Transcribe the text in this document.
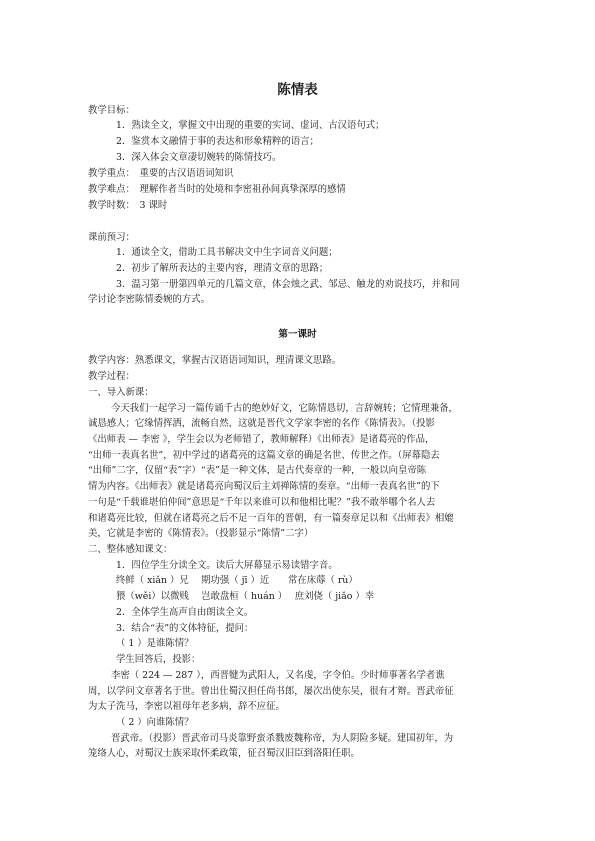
陈情表

教学目标：

1．熟读全文，掌握文中出现的重要的实词、虚词、古汉语句式；

2．鉴赏本文融情于事的表达和形象精粹的语言；

3．深入体会文章凄切婉转的陈情技巧。

教学重点：　重要的古汉语语词知识

教学难点：　理解作者当时的处境和李密祖孙间真挚深厚的感情

教学时数：　3 课时

课前预习：

1．通读全文，借助工具书解决文中生字词音义问题；

2．初步了解所表达的主要内容，理清文章的思路；

3．温习第一册第四单元的几篇文章，体会烛之武、邹忌、触龙的劝说技巧，并和同

学讨论李密陈情委婉的方式。

第一课时

教学内容：熟悉课文，掌握古汉语语词知识，理清课文思路。

教学过程：

一、导入新课：

今天我们一起学习一篇传诵千古的绝妙好文，它陈情恳切，言辞婉转；它情理兼备，

诚恳感人；它缘情挥洒，流畅自然，这就是晋代文学家李密的名作《陈情表》。（投影

《出师表 — 李密 》，学生会以为老师错了，教师解释）《出师表》是诸葛亮的作品，

“出师一表真名世”，初中学过的诸葛亮的这篇文章的确是名世、传世之作。（屏幕隐去

“出师”二字，仅留“表”字）“表”是一种文体，是古代奏章的一种，一般以向皇帝陈

情为内容。《出师表》就是诸葛亮向蜀汉后主刘禅陈情的奏章。“出师一表真名世”的下

一句是“千载谁堪伯仲间”意思是“千年以来谁可以和他相比呢？”我不敢举哪个名人去

和诸葛亮比较，但就在诸葛亮之后不足一百年的晋朝，有一篇奏章足以和《出师表》相媲

美，它就是李密的《陈情表》。（投影显示“陈情”二字）

二、整体感知课文：

1．四位学生分读全文。读后大屏幕显示易读错字音。

终鲜（ xiǎn ）兄　 期功强（ jī ）近　　常在床蓐（ rù）

猥（wěi）以微贱　 岂敢盘桓（ huán ）　 庶刘侥（ jiǎo ）幸

2．全体学生高声自由朗读全文。

3．结合“表”的文体特征，提问：

（ 1 ）是谁陈情？

学生回答后，投影：

李密（ 224 — 287 ），西晋犍为武阳人，又名虔，字令伯。少时师事著名学者谯

周，以学问文章著名于世。曾出仕蜀汉担任尚书郎，屡次出使东吴，很有才辩。晋武帝征

为太子洗马，李密以祖母年老多病，辞不应征。

（ 2 ）向谁陈情？

晋武帝。（投影）晋武帝司马炎靠野蛮杀戮废魏称帝，为人阴险多疑。建国初年，为

笼络人心，对蜀汉士族采取怀柔政策，征召蜀汉旧臣到洛阳任职。
